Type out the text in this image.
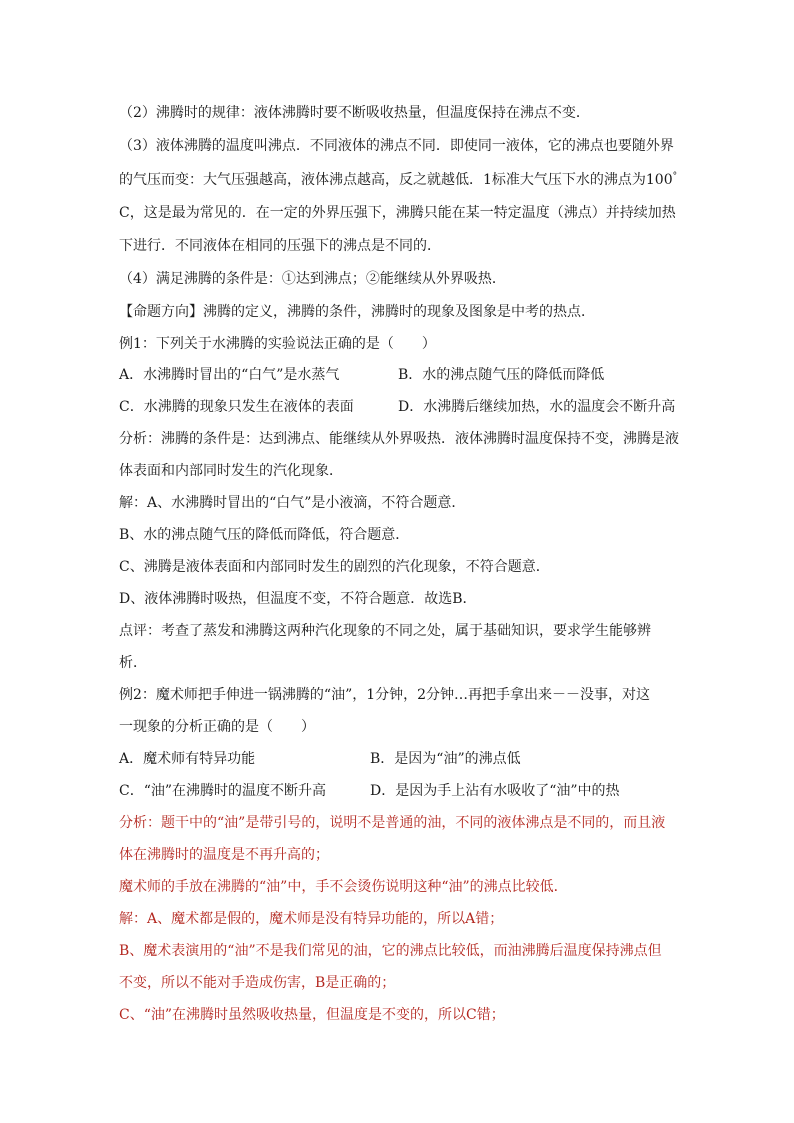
（2）沸腾时的规律：液体沸腾时要不断吸收热量，但温度保持在沸点不变．
（3）液体沸腾的温度叫沸点．不同液体的沸点不同．即使同一液体，它的沸点也要随外界
的气压而变：大气压强越高，液体沸点越高，反之就越低．1标准大气压下水的沸点为100°
C，这是最为常见的．在一定的外界压强下，沸腾只能在某一特定温度（沸点）并持续加热
下进行．不同液体在相同的压强下的沸点是不同的．
（4）满足沸腾的条件是：①达到沸点；②能继续从外界吸热．
【命题方向】沸腾的定义，沸腾的条件，沸腾时的现象及图象是中考的热点．
例1：下列关于水沸腾的实验说法正确的是（　　）
A．水沸腾时冒出的“白气”是水蒸气	B．水的沸点随气压的降低而降低
C．水沸腾的现象只发生在液体的表面	D．水沸腾后继续加热，水的温度会不断升高
分析：沸腾的条件是：达到沸点、能继续从外界吸热．液体沸腾时温度保持不变，沸腾是液
体表面和内部同时发生的汽化现象．
解：A、水沸腾时冒出的“白气”是小液滴，不符合题意．
B、水的沸点随气压的降低而降低，符合题意．
C、沸腾是液体表面和内部同时发生的剧烈的汽化现象，不符合题意．
D、液体沸腾时吸热，但温度不变，不符合题意．故选B．
点评：考查了蒸发和沸腾这两种汽化现象的不同之处，属于基础知识，要求学生能够辨
析．
例2：魔术师把手伸进一锅沸腾的“油”，1分钟，2分钟…再把手拿出来－－没事，对这
一现象的分析正确的是（　　）
A．魔术师有特异功能	B．是因为“油”的沸点低
C．“油”在沸腾时的温度不断升高	D．是因为手上沾有水吸收了“油”中的热
分析：题干中的“油”是带引号的，说明不是普通的油，不同的液体沸点是不同的，而且液
体在沸腾时的温度是不再升高的；
魔术师的手放在沸腾的“油”中，手不会烫伤说明这种“油”的沸点比较低．
解：A、魔术都是假的，魔术师是没有特异功能的，所以A错；
B、魔术表演用的“油”不是我们常见的油，它的沸点比较低，而油沸腾后温度保持沸点但
不变，所以不能对手造成伤害，B是正确的；
C、“油”在沸腾时虽然吸收热量，但温度是不变的，所以C错；
